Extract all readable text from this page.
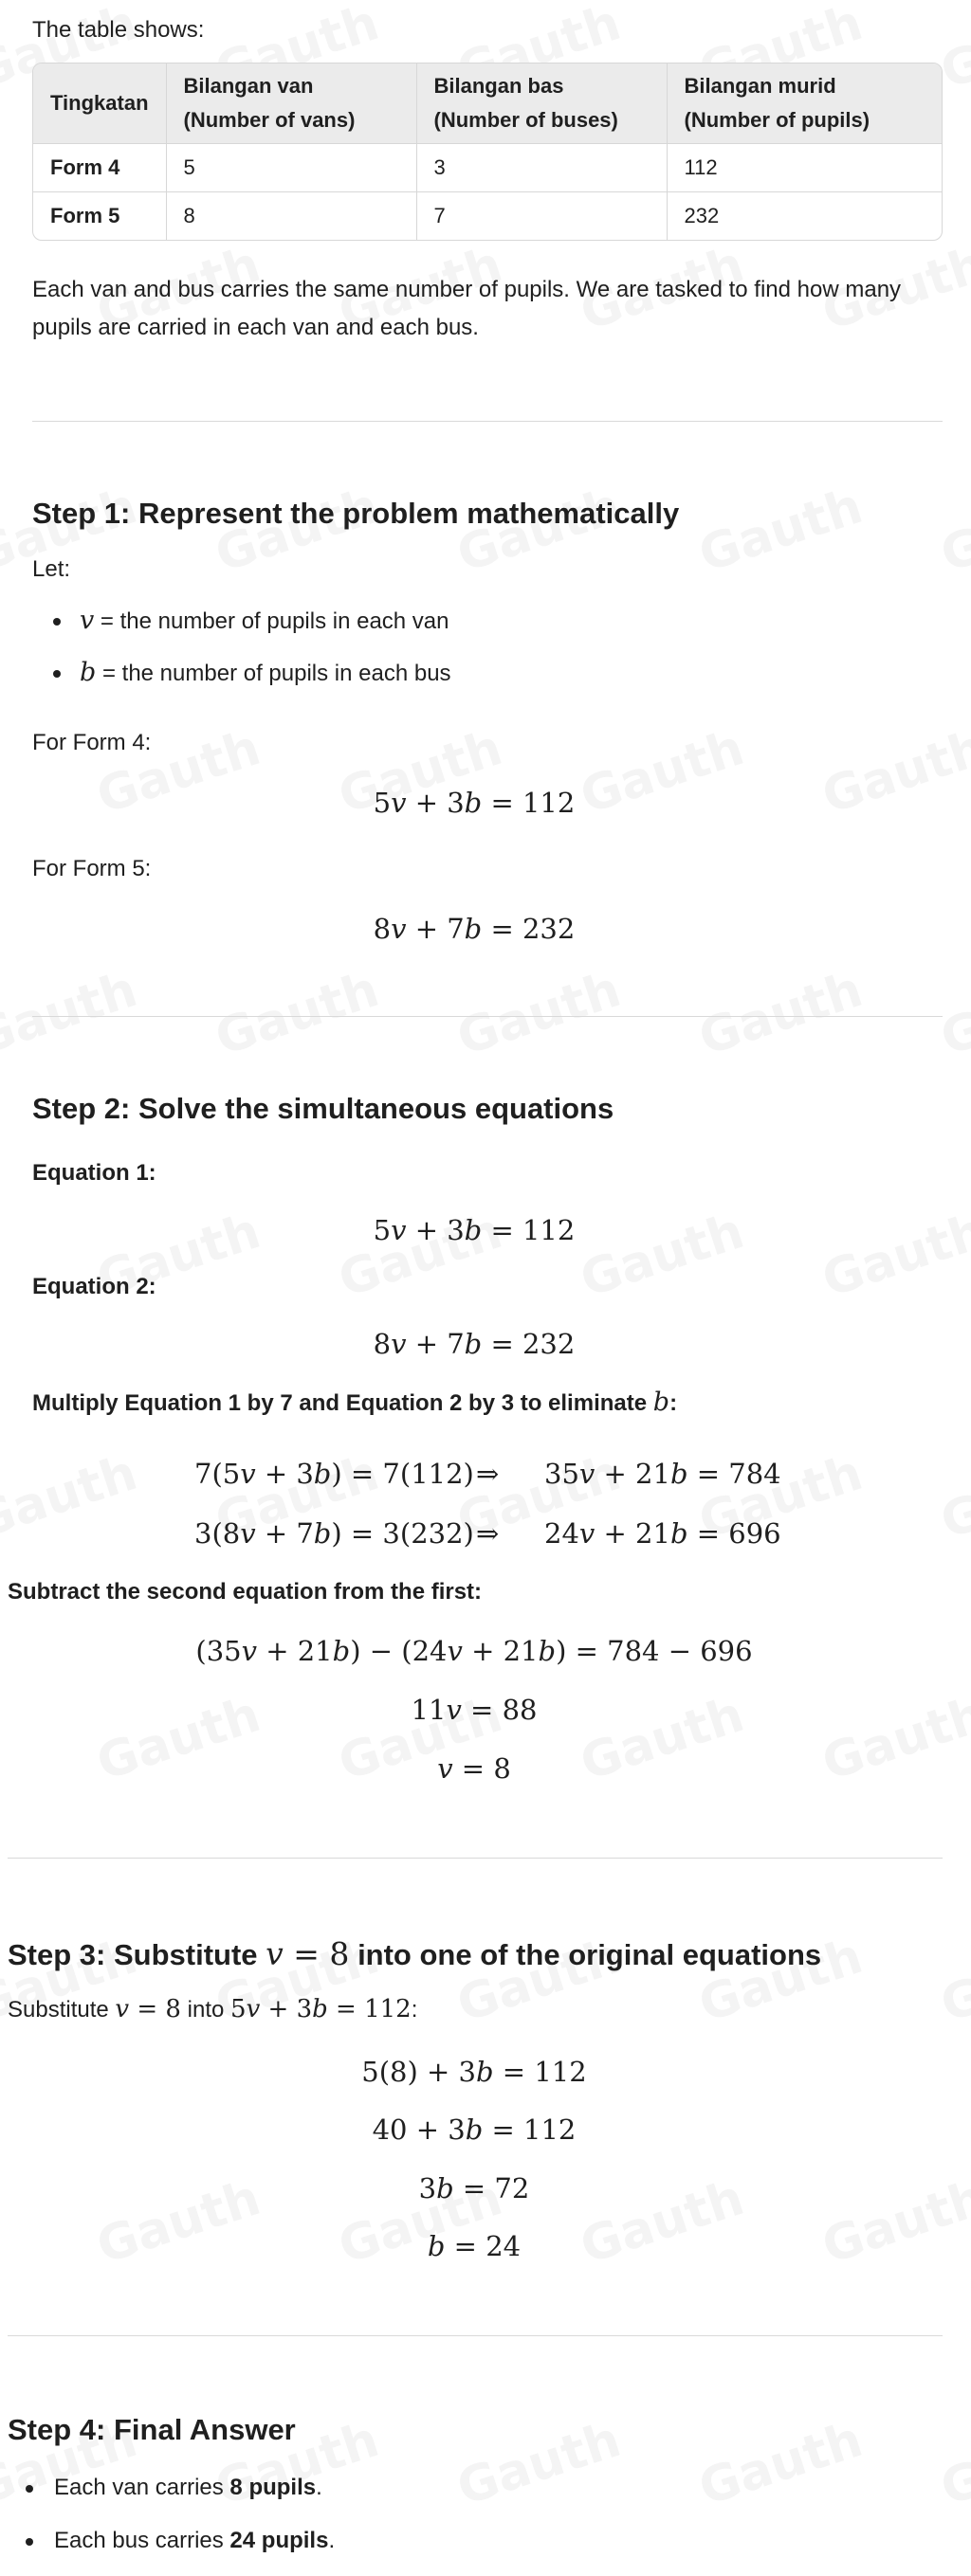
The table shows:

Tingkatan	Bilangan van (Number of vans)	Bilangan bas (Number of buses)	Bilangan murid (Number of pupils)
Form 4	5	3	112
Form 5	8	7	232

Each van and bus carries the same number of pupils. We are tasked to find how many pupils are carried in each van and each bus.

Step 1: Represent the problem mathematically

Let:

v = the number of pupils in each van
b = the number of pupils in each bus

For Form 4:

5v + 3b = 112

For Form 5:

8v + 7b = 232
Step 2: Solve the simultaneous equations

Equation 1:

5v + 3b = 112

Equation 2:

8v + 7b = 232

Multiply Equation 1 by 7 and Equation 2 by 3 to eliminate b:

7(5v + 3b) = 7(112) ⇒ 35v + 21b = 784
3(8v + 7b) = 3(232) ⇒ 24v + 21b = 696

Subtract the second equation from the first:

(35v + 21b) − (24v + 21b) = 784 − 696
11v = 88
v = 8
Step 3: Substitute v = 8 into one of the original equations

Substitute v = 8 into 5v + 3b = 112:

5(8) + 3b = 112
40 + 3b = 112
3b = 72
b = 24
Step 4: Final Answer
Each van carries 8 pupils.
Each bus carries 24 pupils.
